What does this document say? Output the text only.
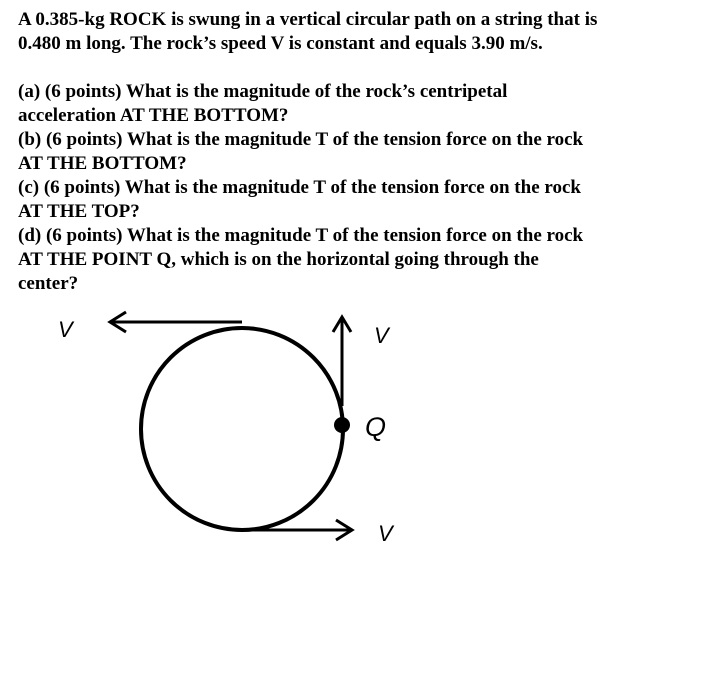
A 0.385-kg ROCK is swung in a vertical circular path on a string that is
0.480 m long. The rock’s speed V is constant and equals 3.90 m/s.
(a) (6 points) What is the magnitude of the rock’s centripetal
acceleration AT THE BOTTOM?
(b) (6 points) What is the magnitude T of the tension force on the rock
AT THE BOTTOM?
(c) (6 points) What is the magnitude T of the tension force on the rock
AT THE TOP?
(d) (6 points) What is the magnitude T of the tension force on the rock
AT THE POINT Q, which is on the horizontal going through the
center?
V	V
Q
V
